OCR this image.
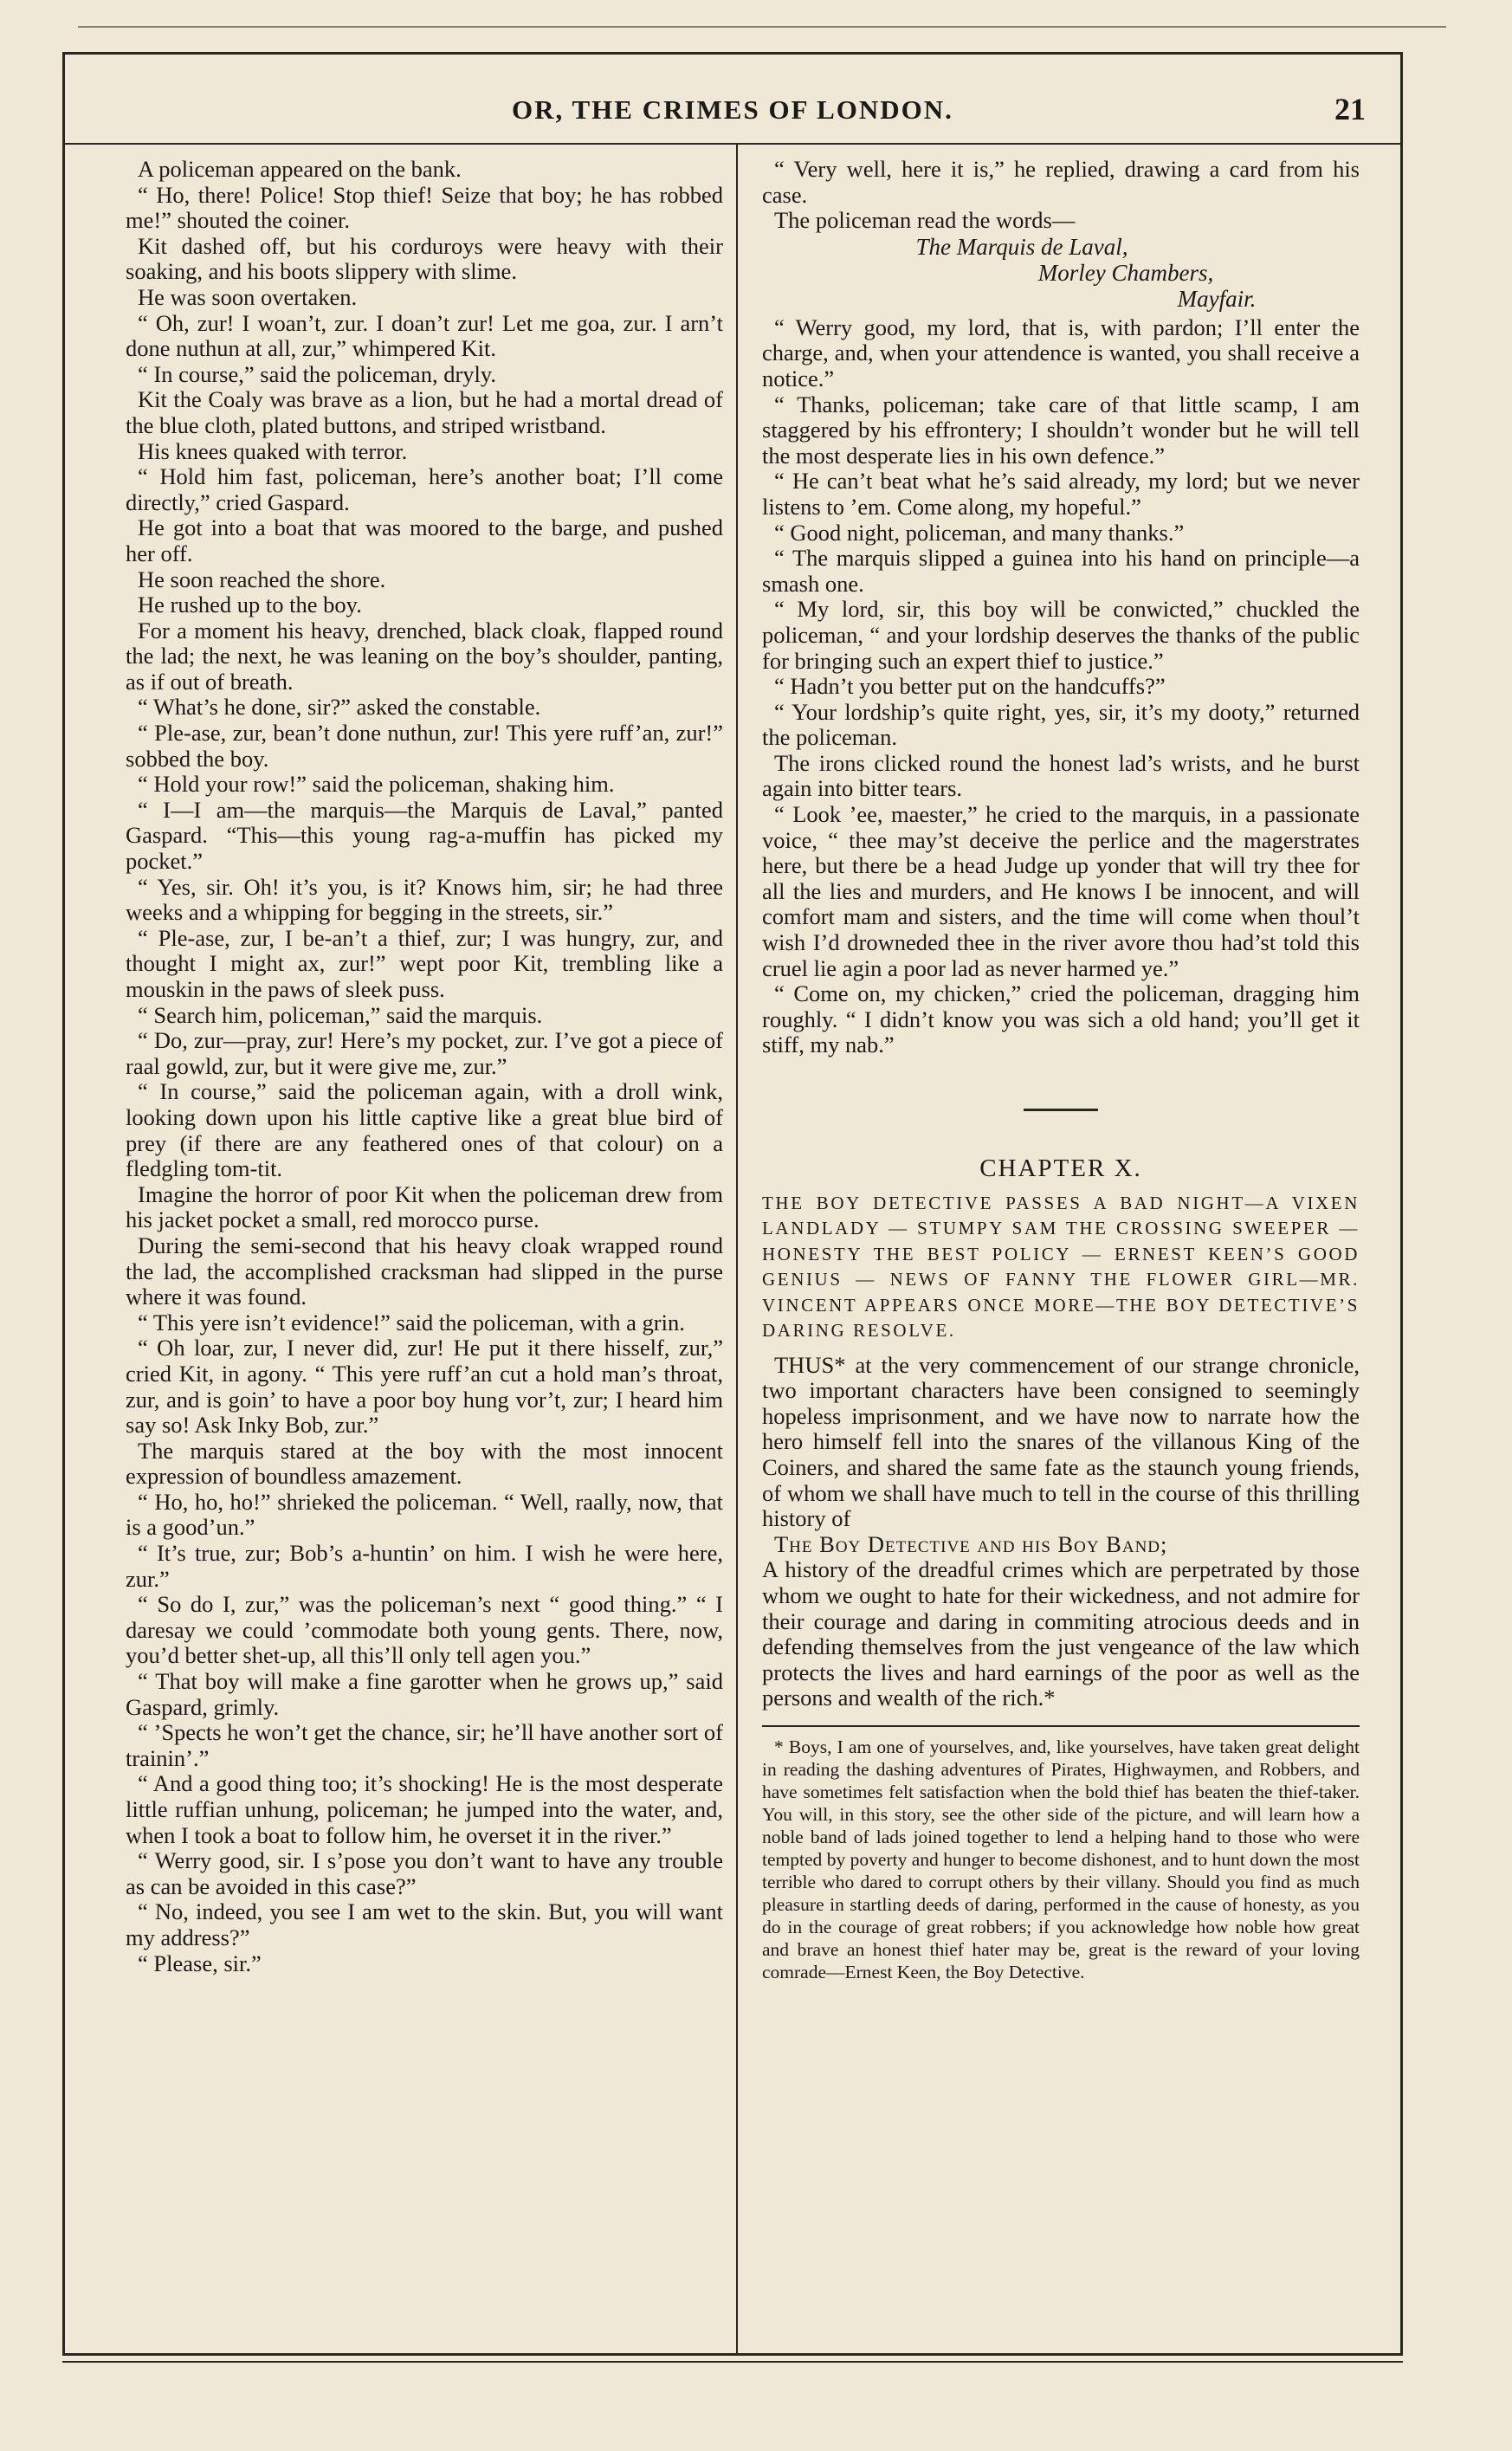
OR, THE CRIMES OF LONDON.	21

A policeman appeared on the bank.

“ Ho, there! Police! Stop thief! Seize that boy; he has robbed me!” shouted the coiner.

Kit dashed off, but his corduroys were heavy with their soaking, and his boots slippery with slime.

He was soon overtaken.

“ Oh, zur! I woan’t, zur. I doan’t zur! Let me goa, zur. I arn’t done nuthun at all, zur,” whimpered Kit.

“ In course,” said the policeman, dryly.

Kit the Coaly was brave as a lion, but he had a mortal dread of the blue cloth, plated buttons, and striped wristband.

His knees quaked with terror.

“ Hold him fast, policeman, here’s another boat; I’ll come directly,” cried Gaspard.

He got into a boat that was moored to the barge, and pushed her off.

He soon reached the shore.

He rushed up to the boy.

For a moment his heavy, drenched, black cloak, flapped round the lad; the next, he was leaning on the boy’s shoulder, panting, as if out of breath.

“ What’s he done, sir?” asked the constable.

“ Ple-ase, zur, bean’t done nuthun, zur! This yere ruff’an, zur!” sobbed the boy.

“ Hold your row!” said the policeman, shaking him.

“ I—I am—the marquis—the Marquis de Laval,” panted Gaspard. “This—this young rag-a-muffin has picked my pocket.”

“ Yes, sir. Oh! it’s you, is it? Knows him, sir; he had three weeks and a whipping for begging in the streets, sir.”

“ Ple-ase, zur, I be-an’t a thief, zur; I was hungry, zur, and thought I might ax, zur!” wept poor Kit, trembling like a mouskin in the paws of sleek puss.

“ Search him, policeman,” said the marquis.

“ Do, zur—pray, zur! Here’s my pocket, zur. I’ve got a piece of raal gowld, zur, but it were give me, zur.”

“ In course,” said the policeman again, with a droll wink, looking down upon his little captive like a great blue bird of prey (if there are any feathered ones of that colour) on a fledgling tom-tit.

Imagine the horror of poor Kit when the policeman drew from his jacket pocket a small, red morocco purse.

During the semi-second that his heavy cloak wrapped round the lad, the accomplished cracksman had slipped in the purse where it was found.

“ This yere isn’t evidence!” said the policeman, with a grin.

“ Oh loar, zur, I never did, zur! He put it there hisself, zur,” cried Kit, in agony. “ This yere ruff’an cut a hold man’s throat, zur, and is goin’ to have a poor boy hung vor’t, zur; I heard him say so! Ask Inky Bob, zur.”

The marquis stared at the boy with the most innocent expression of boundless amazement.

“ Ho, ho, ho!” shrieked the policeman. “ Well, raally, now, that is a good’un.”

“ It’s true, zur; Bob’s a-huntin’ on him. I wish he were here, zur.”

“ So do I, zur,” was the policeman’s next “ good thing.” “ I daresay we could ’commodate both young gents. There, now, you’d better shet-up, all this’ll only tell agen you.”

“ That boy will make a fine garotter when he grows up,” said Gaspard, grimly.

“ ’Spects he won’t get the chance, sir; he’ll have another sort of trainin’.”

“ And a good thing too; it’s shocking! He is the most desperate little ruffian unhung, policeman; he jumped into the water, and, when I took a boat to follow him, he overset it in the river.”

“ Werry good, sir. I s’pose you don’t want to have any trouble as can be avoided in this case?”

“ No, indeed, you see I am wet to the skin. But, you will want my address?”

“ Please, sir.”

“ Very well, here it is,” he replied, drawing a card from his case.

The policeman read the words—

The Marquis de Laval,
Morley Chambers,
Mayfair.

“ Werry good, my lord, that is, with pardon; I’ll enter the charge, and, when your attendence is wanted, you shall receive a notice.”

“ Thanks, policeman; take care of that little scamp, I am staggered by his effrontery; I shouldn’t wonder but he will tell the most desperate lies in his own defence.”

“ He can’t beat what he’s said already, my lord; but we never listens to ’em. Come along, my hopeful.”

“ Good night, policeman, and many thanks.”

“ The marquis slipped a guinea into his hand on principle—a smash one.

“ My lord, sir, this boy will be conwicted,” chuckled the policeman, “ and your lordship deserves the thanks of the public for bringing such an expert thief to justice.”

“ Hadn’t you better put on the handcuffs?”

“ Your lordship’s quite right, yes, sir, it’s my dooty,” returned the policeman.

The irons clicked round the honest lad’s wrists, and he burst again into bitter tears.

“ Look ’ee, maester,” he cried to the marquis, in a passionate voice, “ thee may’st deceive the perlice and the magerstrates here, but there be a head Judge up yonder that will try thee for all the lies and murders, and He knows I be innocent, and will comfort mam and sisters, and the time will come when thoul’t wish I’d drowneded thee in the river avore thou had’st told this cruel lie agin a poor lad as never harmed ye.”

“ Come on, my chicken,” cried the policeman, dragging him roughly. “ I didn’t know you was sich a old hand; you’ll get it stiff, my nab.”

CHAPTER X.
THE BOY DETECTIVE PASSES A BAD NIGHT—A VIXEN LANDLADY — STUMPY SAM THE CROSSING SWEEPER — HONESTY THE BEST POLICY — ERNEST KEEN’S GOOD GENIUS — NEWS OF FANNY THE FLOWER GIRL—MR. VINCENT APPEARS ONCE MORE—THE BOY DETECTIVE’S DARING RESOLVE.

THUS* at the very commencement of our strange chronicle, two important characters have been consigned to seemingly hopeless imprisonment, and we have now to narrate how the hero himself fell into the snares of the villanous King of the Coiners, and shared the same fate as the staunch young friends, of whom we shall have much to tell in the course of this thrilling history of

The Boy Detective and his Boy Band;

A history of the dreadful crimes which are perpetrated by those whom we ought to hate for their wickedness, and not admire for their courage and daring in commiting atrocious deeds and in defending themselves from the just vengeance of the law which protects the lives and hard earnings of the poor as well as the persons and wealth of the rich.*

* Boys, I am one of yourselves, and, like yourselves, have taken great delight in reading the dashing adventures of Pirates, Highwaymen, and Robbers, and have sometimes felt satisfaction when the bold thief has beaten the thief-taker. You will, in this story, see the other side of the picture, and will learn how a noble band of lads joined together to lend a helping hand to those who were tempted by poverty and hunger to become dishonest, and to hunt down the most terrible who dared to corrupt others by their villany. Should you find as much pleasure in startling deeds of daring, performed in the cause of honesty, as you do in the courage of great robbers; if you acknowledge how noble how great and brave an honest thief hater may be, great is the reward of your loving comrade—Ernest Keen, the Boy Detective.
